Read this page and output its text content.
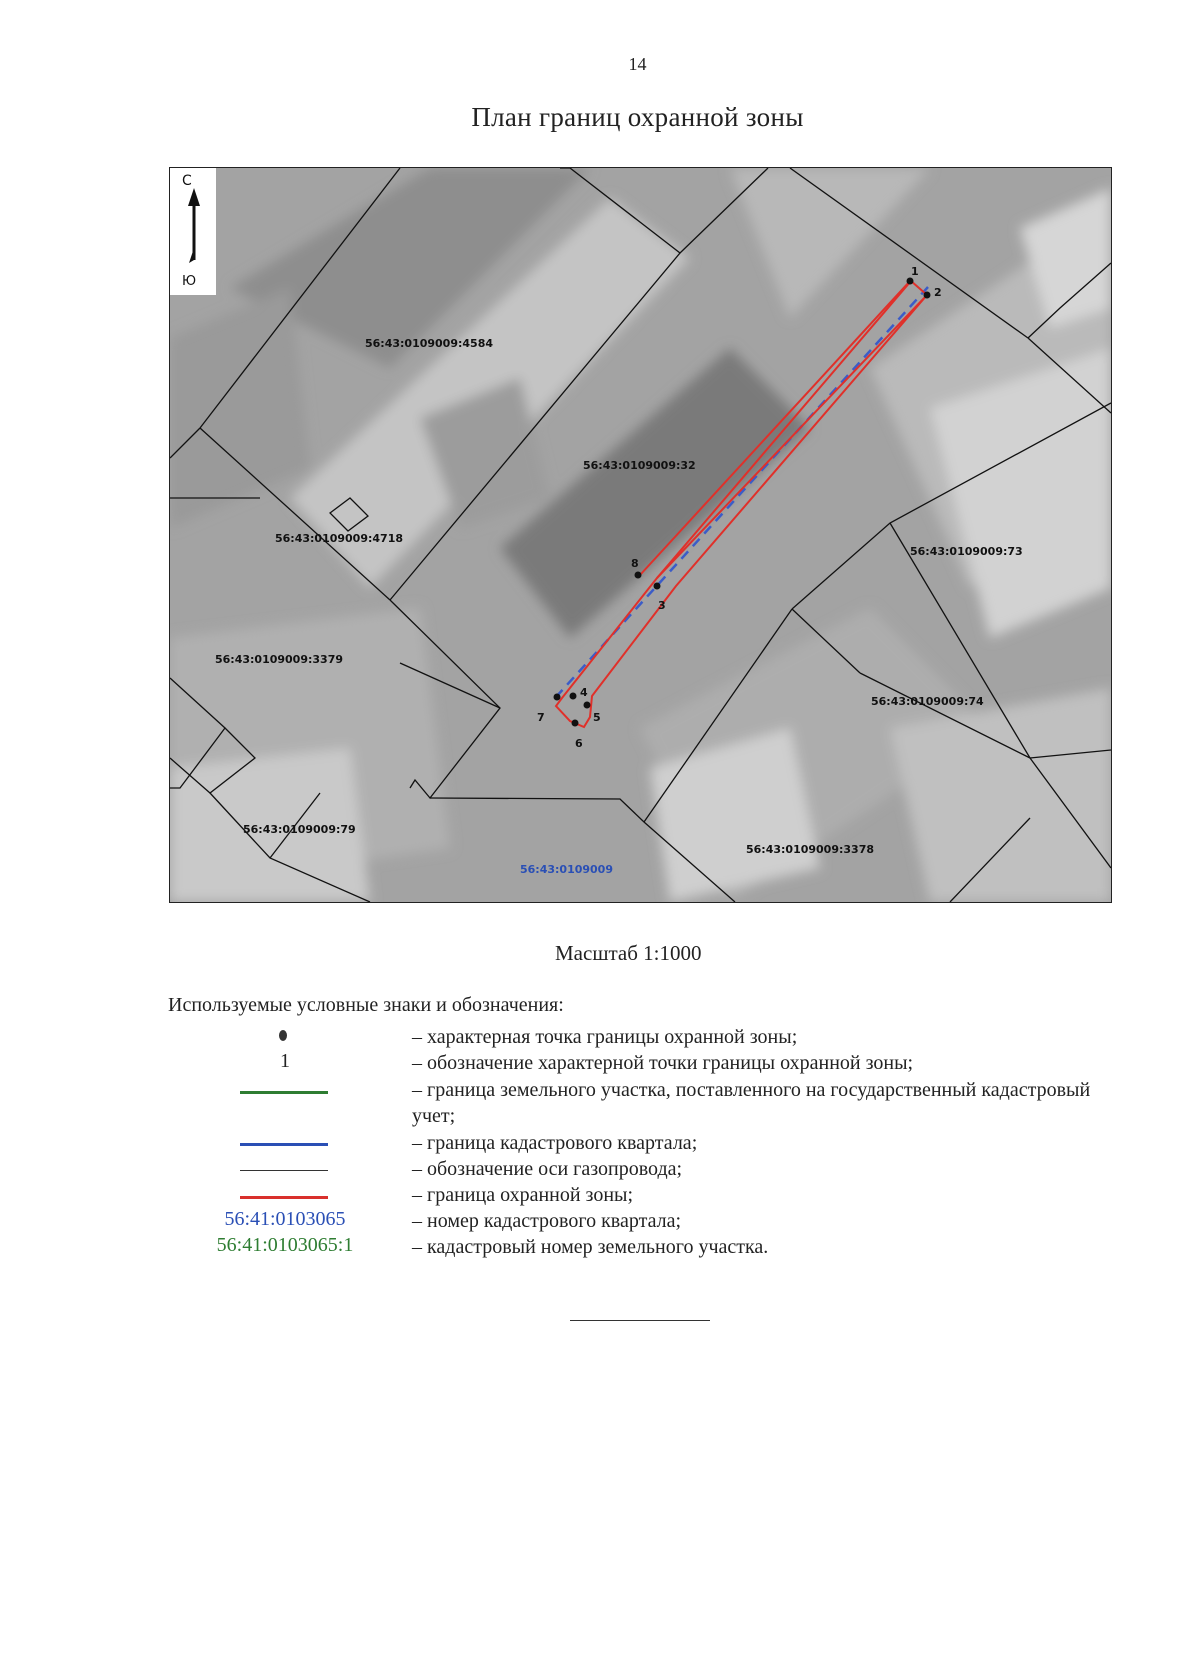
14
План границ охранной зоны
1
2
3
4
5
6
7
8
56:43:0109009:4584
56:43:0109009:32
56:43:0109009:4718
56:43:0109009:73
56:43:0109009:3379
56:43:0109009:74
56:43:0109009:79
56:43:0109009:3378
56:43:0109009
С
Ю
Масштаб 1:1000
Используемые условные знаки и обозначения:
– характерная точка границы охранной зоны;
1	– обозначение характерной точки границы охранной зоны;
– граница земельного участка, поставленного на государственный кадастровый учет;
– граница кадастрового квартала;
– обозначение оси газопровода;
– граница охранной зоны;
56:41:0103065	– номер кадастрового квартала;
56:41:0103065:1	– кадастровый номер земельного участка.
